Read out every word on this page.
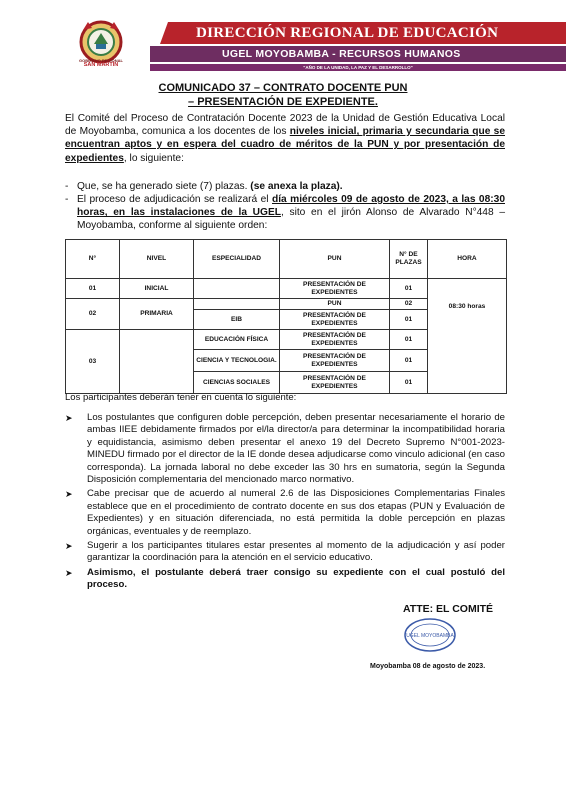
GOBIERNO REGIONAL
SAN MARTÍN
DIRECCIÓN REGIONAL DE EDUCACIÓN
UGEL MOYOBAMBA - RECURSOS HUMANOS
"AÑO DE LA UNIDAD, LA PAZ Y EL DESARROLLO"
COMUNICADO 37 – CONTRATO DOCENTE PUN
– PRESENTACIÓN DE EXPEDIENTE.
El Comité del Proceso de Contratación Docente 2023 de la Unidad de Gestión Educativa Local de Moyobamba, comunica a los docentes de los niveles inicial, primaria y secundaria que se encuentran aptos y en espera del cuadro de méritos de la PUN y por presentación de expedientes, lo siguiente:
- Que, se ha generado siete (7) plazas. (se anexa la plaza).
- El proceso de adjudicación se realizará el día miércoles 09 de agosto de 2023, a las 08:30 horas, en las instalaciones de la UGEL, sito en el jirón Alonso de Alvarado N°448 – Moyobamba, conforme al siguiente orden:
N°	NIVEL	ESPECIALIDAD	PUN	N° DE PLAZAS	HORA
01	INICIAL		PRESENTACIÓN DE EXPEDIENTES	01	08:30 horas
02	PRIMARIA		PUN	02	
		EIB	PRESENTACIÓN DE EXPEDIENTES	01	
03		EDUCACIÓN FÍSICA	PRESENTACIÓN DE EXPEDIENTES	01	
		CIENCIA Y TECNOLOGIA.	PRESENTACIÓN DE EXPEDIENTES	01	
		CIENCIAS SOCIALES	PRESENTACIÓN DE EXPEDIENTES	01	
Los participantes deberán tener en cuenta lo siguiente:
➤ Los postulantes que configuren doble percepción, deben presentar necesariamente el horario de ambas IIEE debidamente firmados por el/la director/a para determinar la incompatibilidad horaria y equidistancia, asimismo deben presentar el anexo 19 del Decreto Supremo N°001-2023-MINEDU firmado por el director de la IE donde desea adjudicarse como vinculo adicional (en caso corresponda). La jornada laboral no debe exceder las 30 hrs en sumatoria, según la Segunda Disposición complementaria del mencionado marco normativo.
➤ Cabe precisar que de acuerdo al numeral 2.6 de las Disposiciones Complementarias Finales establece que en el procedimiento de contrato docente en sus dos etapas (PUN y Evaluación de Expedientes) y en situación diferenciada, no está permitida la doble percepción en plazas orgánicas, eventuales y de reemplazo.
➤ Sugerir a los participantes titulares estar presentes al momento de la adjudicación y así poder garantizar la coordinación para la atención en el servicio educativo.
➤ Asimismo, el postulante deberá traer consigo su expediente con el cual postuló del proceso.
ATTE: EL COMITÉ
UGEL MOYOBAMBA
Moyobamba 08 de agosto de 2023.
